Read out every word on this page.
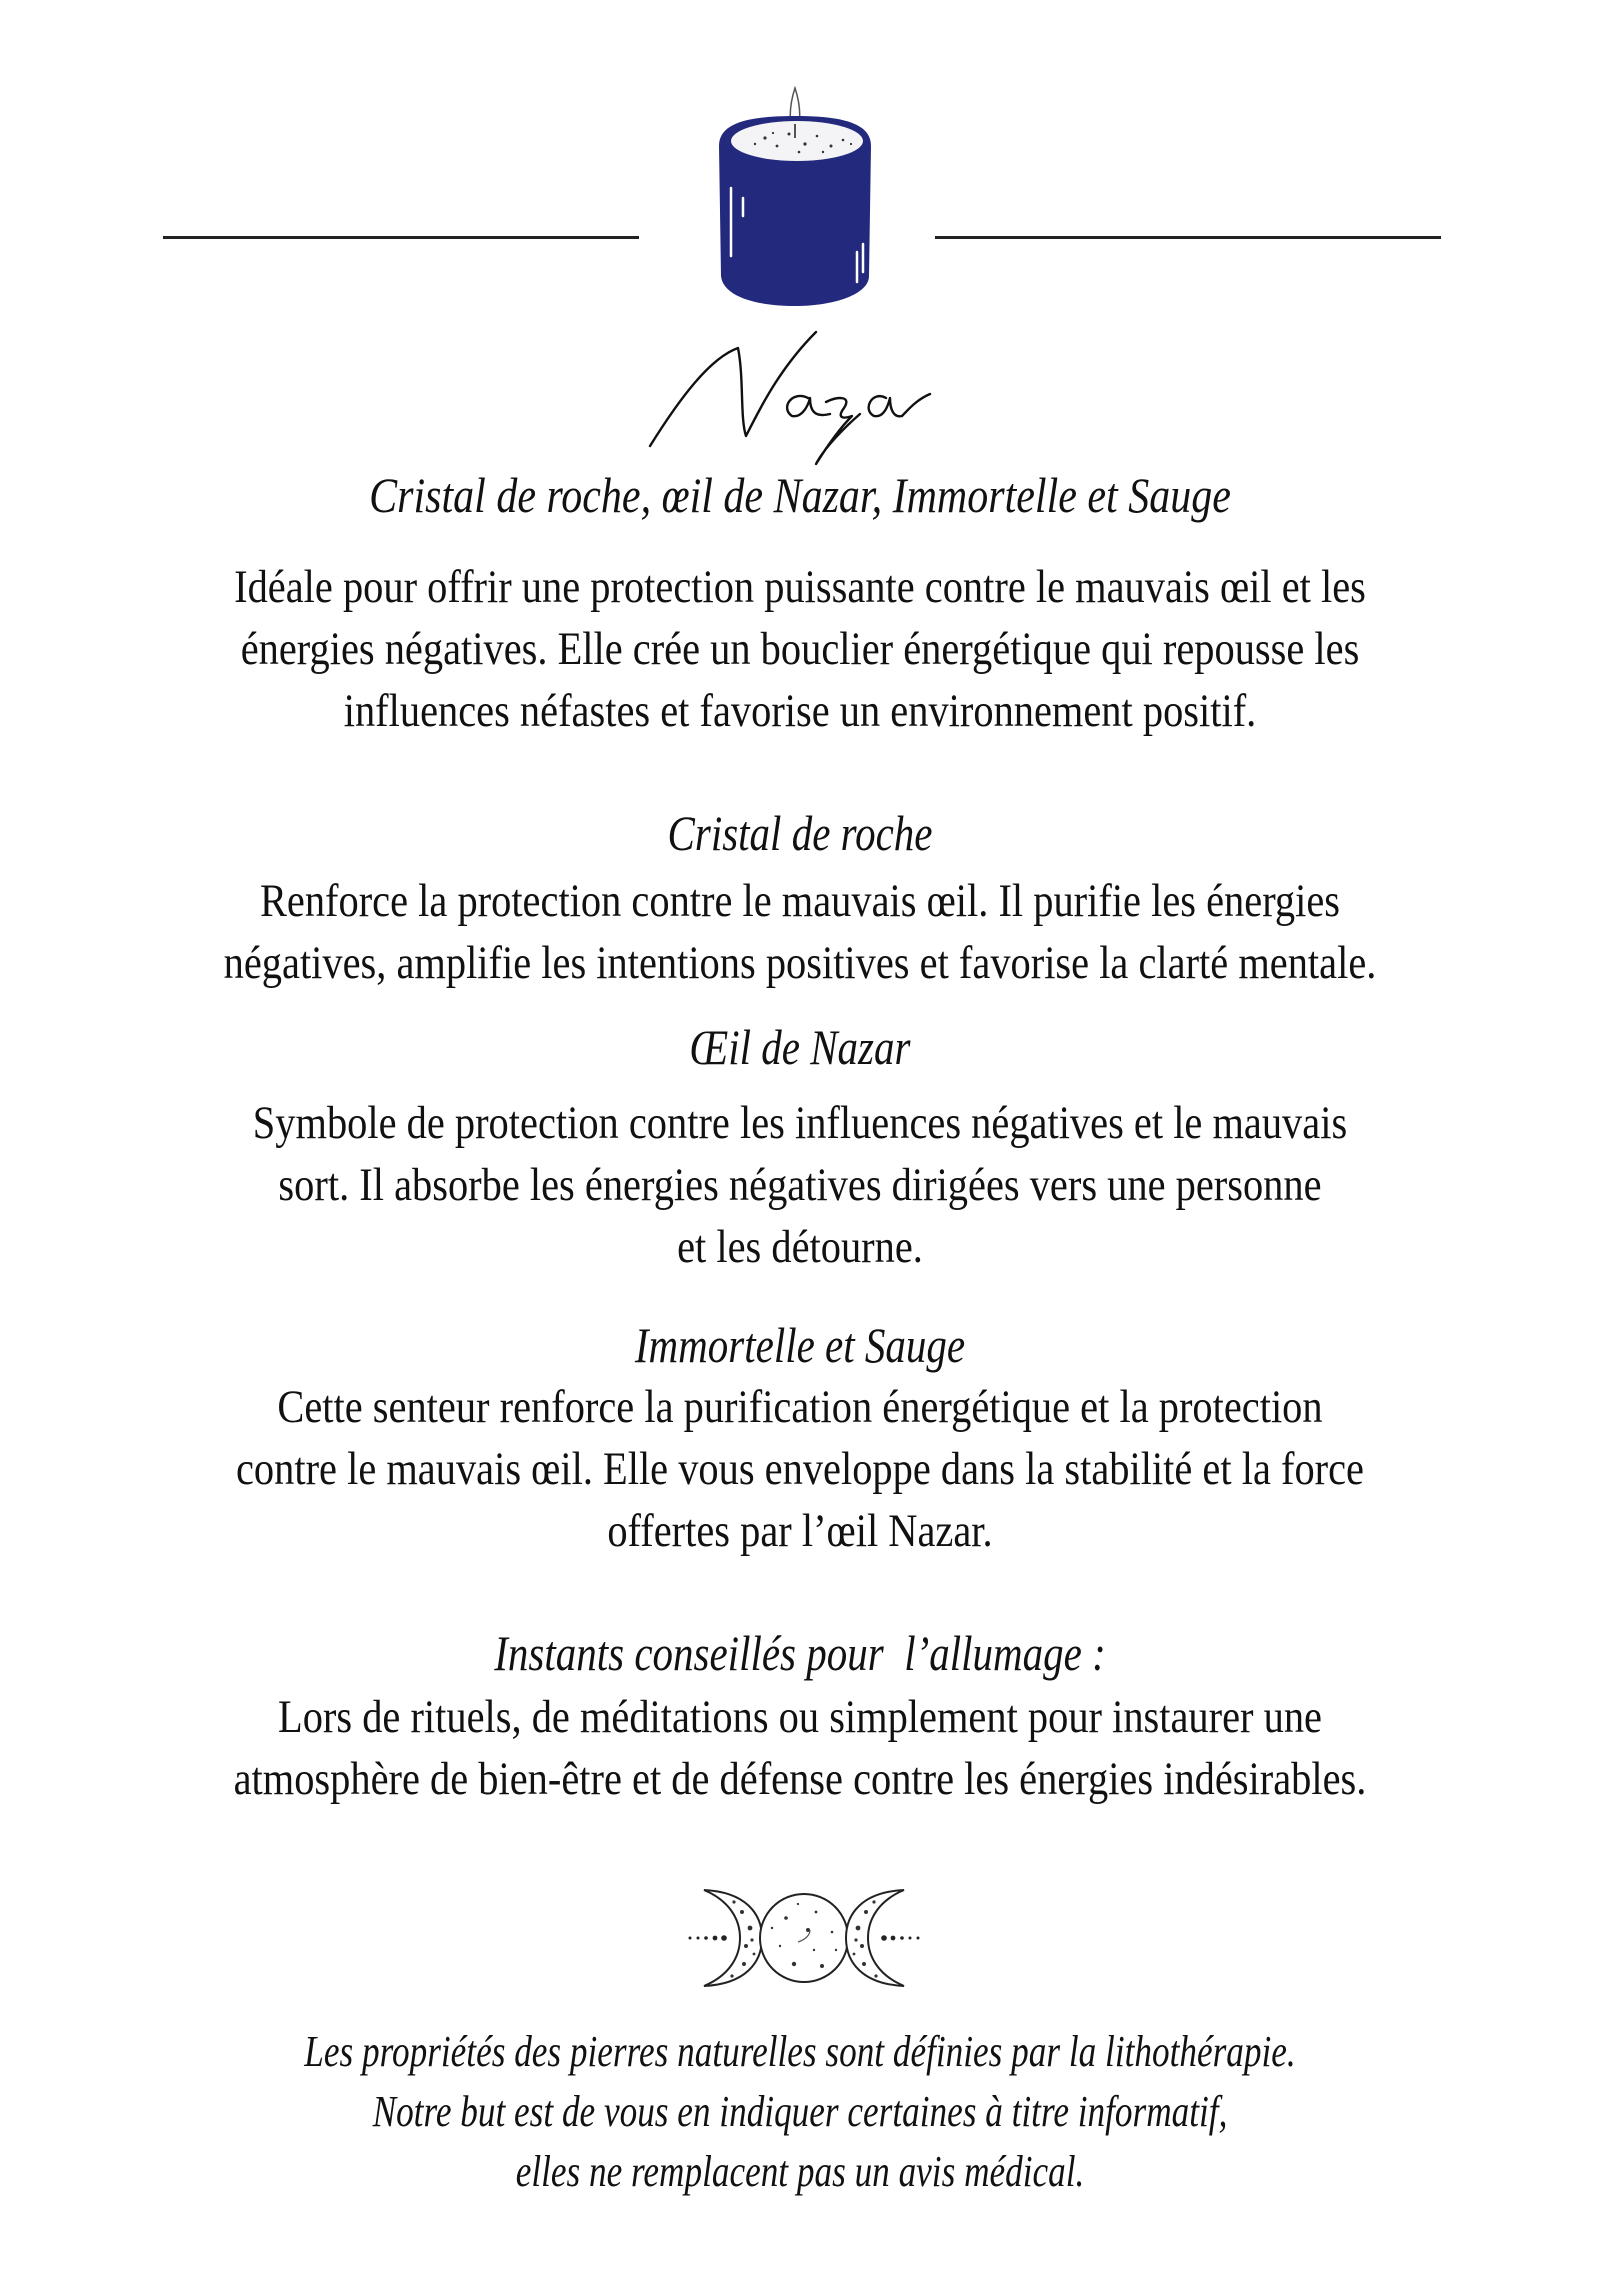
Nazar
Cristal de roche, œil de Nazar, Immortelle et Sauge
Idéale pour offrir une protection puissante contre le mauvais œil et les
énergies négatives. Elle crée un bouclier énergétique qui repousse les
influences néfastes et favorise un environnement positif.
Cristal de roche
Renforce la protection contre le mauvais œil. Il purifie les énergies
négatives, amplifie les intentions positives et favorise la clarté mentale.
Œil de Nazar
Symbole de protection contre les influences négatives et le mauvais
sort. Il absorbe les énergies négatives dirigées vers une personne
et les détourne.
Immortelle et Sauge
Cette senteur renforce la purification énergétique et la protection
contre le mauvais œil. Elle vous enveloppe dans la stabilité et la force
offertes par l’œil Nazar.
Instants conseillés pour  l’allumage :
Lors de rituels, de méditations ou simplement pour instaurer une
atmosphère de bien-être et de défense contre les énergies indésirables.
Les propriétés des pierres naturelles sont définies par la lithothérapie.
Notre but est de vous en indiquer certaines à titre informatif,
elles ne remplacent pas un avis médical.
